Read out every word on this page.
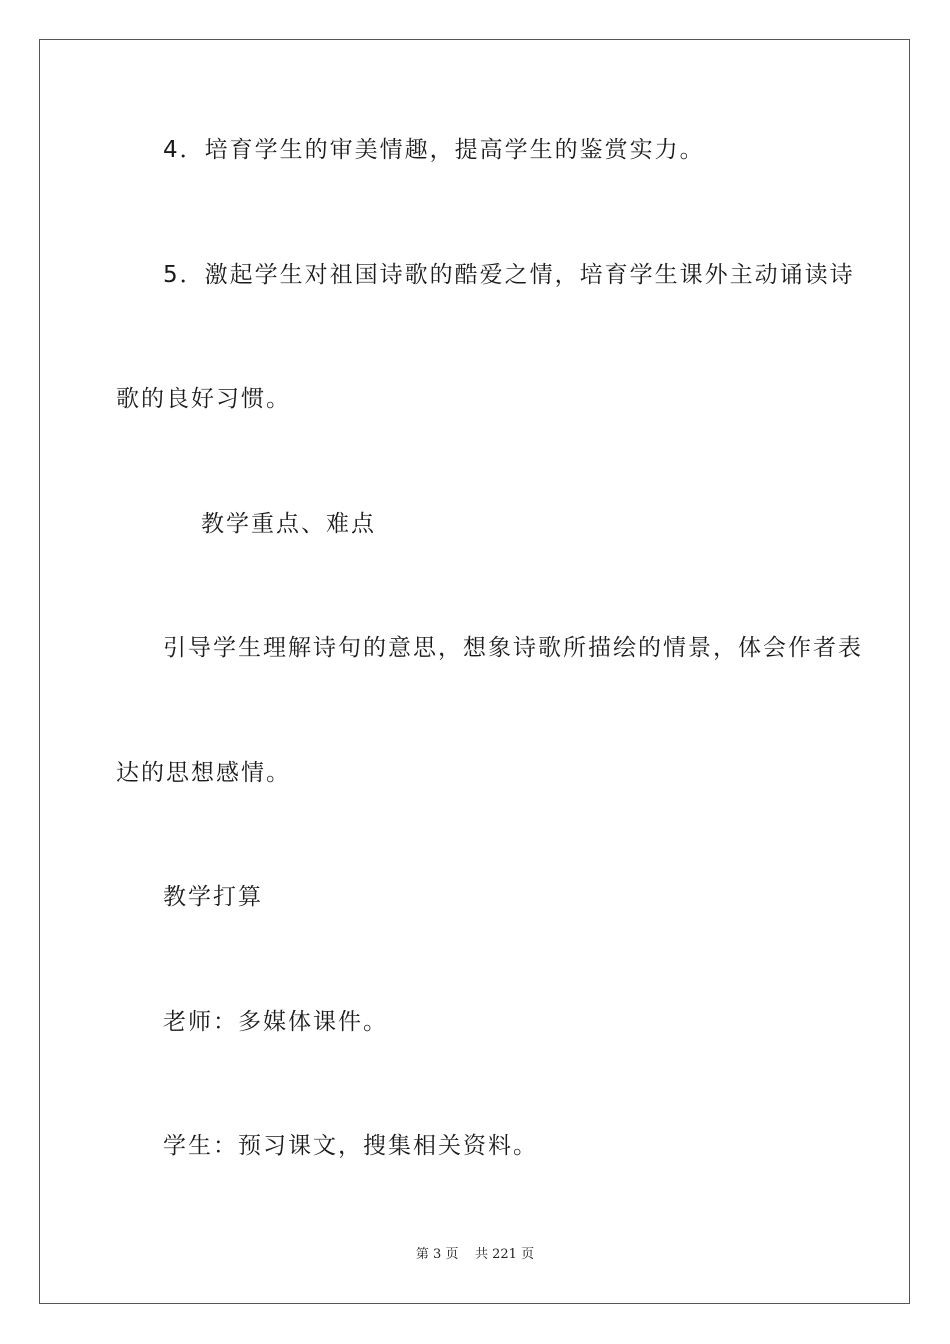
4．培育学生的审美情趣，提高学生的鉴赏实力。
5．激起学生对祖国诗歌的酷爱之情，培育学生课外主动诵读诗
歌的良好习惯。
教学重点、难点
引导学生理解诗句的意思，想象诗歌所描绘的情景，体会作者表
达的思想感情。
教学打算
老师：多媒体课件。
学生：预习课文，搜集相关资料。
第 3 页 共 221 页
